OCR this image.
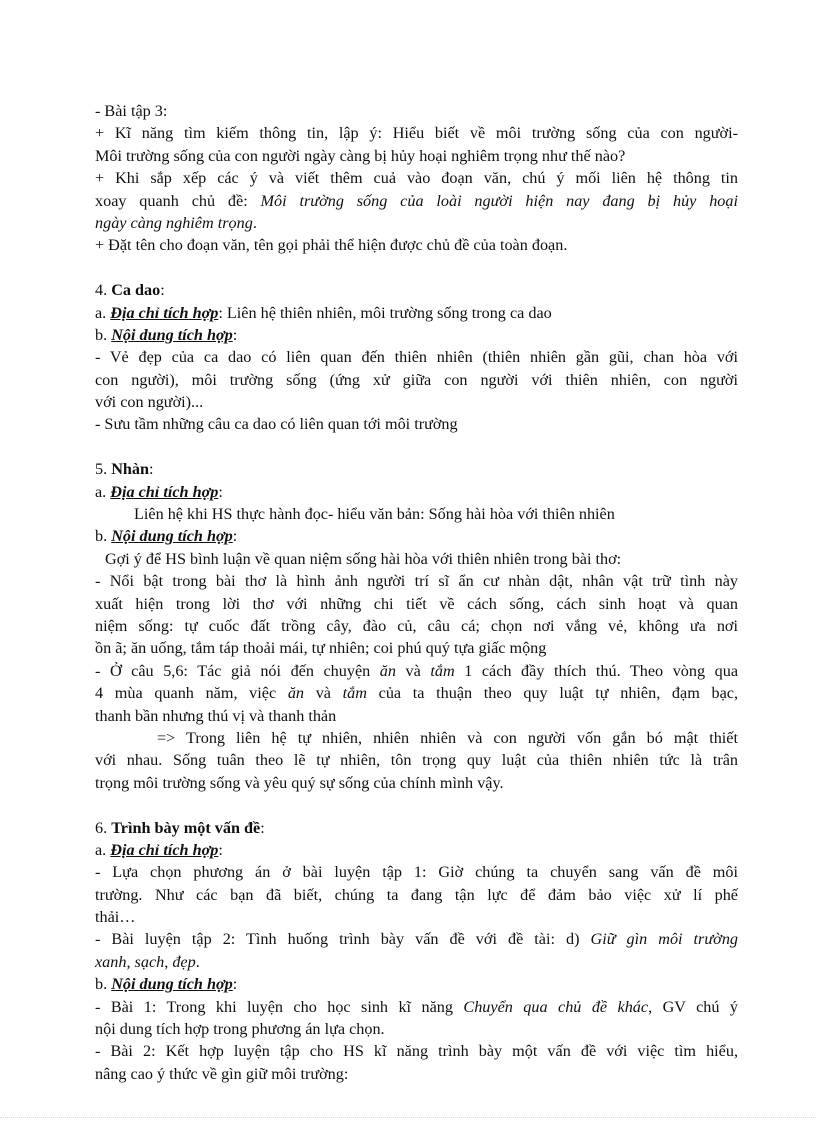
- Bài tập 3:
+ Kĩ năng tìm kiếm thông tin, lập ý: Hiểu biết về môi trường sống của con người-
Môi trường sống của con người ngày càng bị hủy hoại nghiêm trọng như thế nào?
+ Khi sắp xếp các ý và viết thêm cuả vào đoạn văn, chú ý mối liên hệ thông tin
xoay quanh chủ đề: Môi trường sống của loài người hiện nay đang bị hủy hoại
ngày càng nghiêm trọng.
+ Đặt tên cho đoạn văn, tên gọi phải thể hiện được chủ đề của toàn đoạn.
4. Ca dao:
a. Địa chỉ tích hợp: Liên hệ thiên nhiên, môi trường sống trong ca dao
b. Nội dung tích hợp:
- Vẻ đẹp của ca dao có liên quan đến thiên nhiên (thiên nhiên gần gũi, chan hòa với
con người), môi trường sống (ứng xử giữa con người với thiên nhiên, con người
với con người)...
- Sưu tầm những câu ca dao có liên quan tới môi trường
5. Nhàn:
a. Địa chỉ tích hợp:
Liên hệ khi HS thực hành đọc- hiểu văn bản: Sống hài hòa với thiên nhiên
b. Nội dung tích hợp:
Gợi ý để HS bình luận về quan niệm sống hài hòa với thiên nhiên trong bài thơ:
- Nổi bật trong bài thơ là hình ảnh người trí sĩ ẩn cư nhàn dật, nhân vật trữ tình này
xuất hiện trong lời thơ với những chi tiết về cách sống, cách sinh hoạt và quan
niệm sống: tự cuốc đất trồng cây, đào củ, câu cá; chọn nơi vắng vẻ, không ưa nơi
ồn ã; ăn uống, tắm táp thoải mái, tự nhiên; coi phú quý tựa giấc mộng
- Ở câu 5,6: Tác giả nói đến chuyện ăn và tắm 1 cách đầy thích thú. Theo vòng qua
4 mùa quanh năm, việc ăn và tắm của ta thuận theo quy luật tự nhiên, đạm bạc,
thanh bần nhưng thú vị và thanh thản
=> Trong liên hệ tự nhiên, nhiên nhiên và con người vốn gắn bó mật thiết
với nhau. Sống tuân theo lẽ tự nhiên, tôn trọng quy luật của thiên nhiên tức là trân
trọng môi trường sống và yêu quý sự sống của chính mình vậy.
6. Trình bày một vấn đề:
a. Địa chỉ tích hợp:
- Lựa chọn phương án ở bài luyện tập 1: Giờ chúng ta chuyển sang vấn đề môi
trường. Như các bạn đã biết, chúng ta đang tận lực để đảm bảo việc xử lí phế
thải…
- Bài luyện tập 2: Tình huống trình bày vấn đề với đề tài: d) Giữ gìn môi trường
xanh, sạch, đẹp.
b. Nội dung tích hợp:
- Bài 1: Trong khi luyện cho học sinh kĩ năng Chuyển qua chủ đề khác, GV chú ý
nội dung tích hợp trong phương án lựa chọn.
- Bài 2: Kết hợp luyện tập cho HS kĩ năng trình bày một vấn đề với việc tìm hiểu,
nâng cao ý thức về gìn giữ môi trường:
